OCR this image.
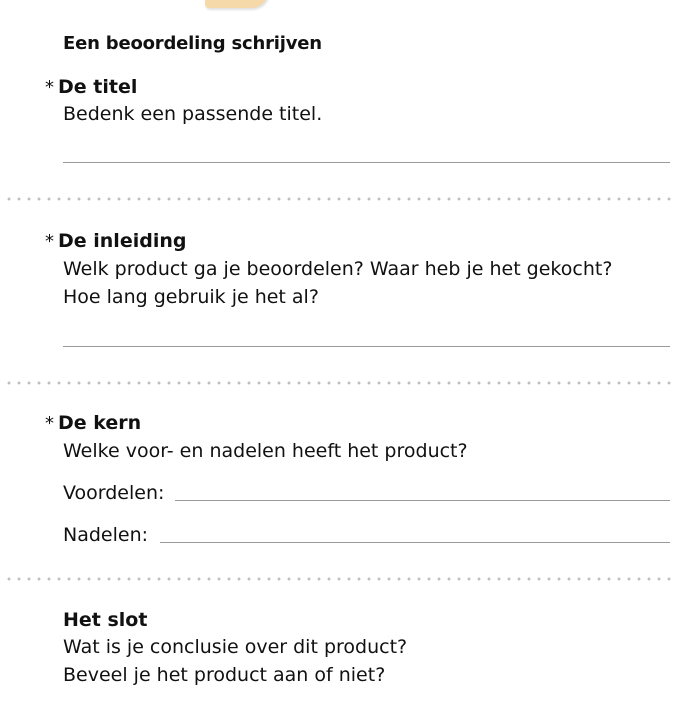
Een beoordeling schrijven
* De titel
Bedenk een passende titel.
* De inleiding
Welk product ga je beoordelen? Waar heb je het gekocht?
Hoe lang gebruik je het al?
* De kern
Welke voor- en nadelen heeft het product?
Voordelen:
Nadelen:
Het slot
Wat is je conclusie over dit product?
Beveel je het product aan of niet?
